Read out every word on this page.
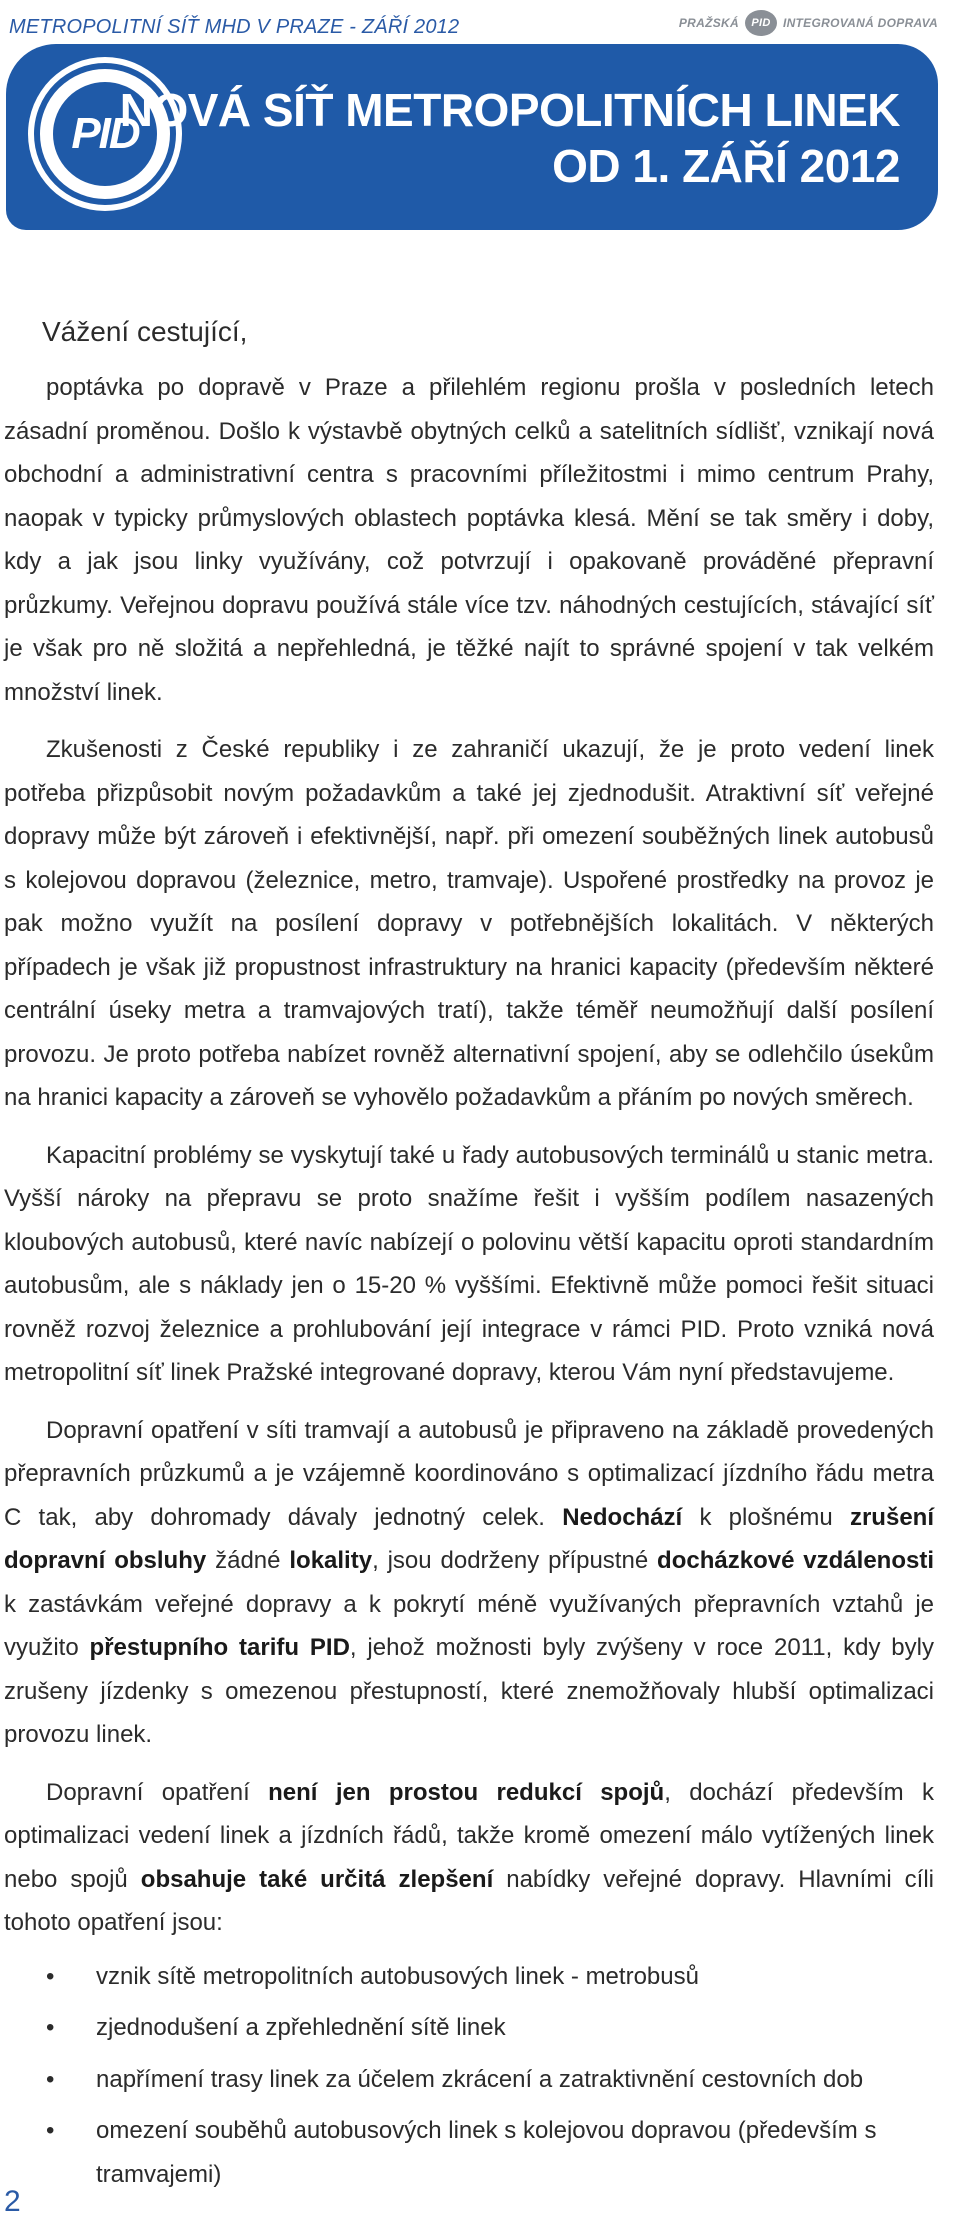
METROPOLITNÍ SÍŤ MHD V PRAZE - ZÁŘÍ 2012	PRAŽSKÁ	PID	INTEGROVANÁ DOPRAVA
PID
NOVÁ SÍŤ METROPOLITNÍCH LINEK
OD 1. ZÁŘÍ 2012
Vážení cestující,

poptávka po dopravě v Praze a přilehlém regionu prošla v posledních letech zásadní proměnou. Došlo k výstavbě obytných celků a satelitních sídlišť, vznikají nová obchodní a administrativní centra s pracovními příležitostmi i mimo centrum Prahy, naopak v typicky průmyslových oblastech poptávka klesá. Mění se tak směry i doby, kdy a jak jsou linky využívány, což potvrzují i opakovaně prováděné přepravní průzkumy. Veřejnou dopravu používá stále více tzv. náhodných cestujících, stávající síť je však pro ně složitá a nepřehledná, je těžké najít to správné spojení v tak velkém množství linek.

Zkušenosti z České republiky i ze zahraničí ukazují, že je proto vedení linek potřeba přizpůsobit novým požadavkům a také jej zjednodušit. Atraktivní síť veřejné dopravy může být zároveň i efektivnější, např. při omezení souběžných linek autobusů s kolejovou dopravou (železnice, metro, tramvaje). Uspořené prostředky na provoz je pak možno využít na posílení dopravy v potřebnějších lokalitách. V některých případech je však již propustnost infrastruktury na hranici kapacity (především některé centrální úseky metra a tramvajových tratí), takže téměř neumožňují další posílení provozu. Je proto potřeba nabízet rovněž alternativní spojení, aby se odlehčilo úsekům na hranici kapacity a zároveň se vyhovělo požadavkům a přáním po nových směrech.

Kapacitní problémy se vyskytují také u řady autobusových terminálů u stanic metra. Vyšší nároky na přepravu se proto snažíme řešit i vyšším podílem nasazených kloubových autobusů, které navíc nabízejí o polovinu větší kapacitu oproti standardním autobusům, ale s náklady jen o 15-20 % vyššími. Efektivně může pomoci řešit situaci rovněž rozvoj železnice a prohlubování její integrace v rámci PID. Proto vzniká nová metropolitní síť linek Pražské integrované dopravy, kterou Vám nyní představujeme.

Dopravní opatření v síti tramvají a autobusů je připraveno na základě provedených přepravních průzkumů a je vzájemně koordinováno s optimalizací jízdního řádu metra C tak, aby dohromady dávaly jednotný celek. Nedochází k plošnému zrušení dopravní obsluhy žádné lokality, jsou dodrženy přípustné docházkové vzdálenosti k zastávkám veřejné dopravy a k pokrytí méně využívaných přepravních vztahů je využito přestupního tarifu PID, jehož možnosti byly zvýšeny v roce 2011, kdy byly zrušeny jízdenky s omezenou přestupností, které znemožňovaly hlubší optimalizaci provozu linek.

Dopravní opatření není jen prostou redukcí spojů, dochází především k optimalizaci vedení linek a jízdních řádů, takže kromě omezení málo vytížených linek nebo spojů obsahuje také určitá zlepšení nabídky veřejné dopravy. Hlavními cíli tohoto opatření jsou:

• vznik sítě metropolitních autobusových linek - metrobusů
• zjednodušení a zpřehlednění sítě linek
• napřímení trasy linek za účelem zkrácení a zatraktivnění cestovních dob
• omezení souběhů autobusových linek s kolejovou dopravou (především s tramvajemi)
2
